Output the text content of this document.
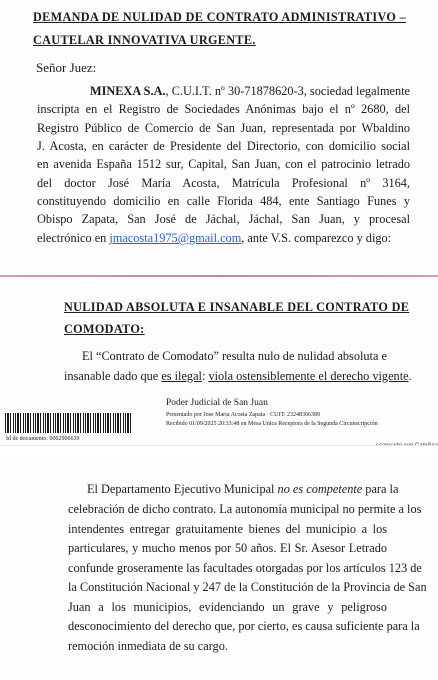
DEMANDA DE NULIDAD DE CONTRATO ADMINISTRATIVO –

CAUTELAR INNOVATIVA URGENTE.

Señor Juez:

MINEXA S.A., C.U.I.T. nº 30-71878620-3, sociedad legalmente

inscripta en el Registro de Sociedades Anónimas bajo el nº 2680, del

Registro Público de Comercio de San Juan, representada por Wbaldino

J. Acosta, en carácter de Presidente del Directorio, con domicilio social

en avenida España 1512 sur, Capital, San Juan, con el patrocinio letrado

del doctor José María Acosta, Matrícula Profesional nº 3164,

constituyendo domicilio en calle Florida 484, ente Santiago Funes y

Obispo Zapata, San José de Jáchal, Jáchal, San Juan, y procesal

electrónico en jmacosta1975@gmail.com, ante V.S. comparezco y digo:

NULIDAD ABSOLUTA E INSANABLE DEL CONTRATO DE

COMODATO:

El “Contrato de Comodato” resulta nulo de nulidad absoluta e

insanable dado que es ilegal: viola ostensiblemente el derecho vigente.

Id de documento: 0002906639

Poder Judicial de San Juan

Presentado por Jose Maria Acosta Zapata · CUIT: 23248366389

Recibido 01/09/2025 20:33:48 en Mesa Unica Receptora de la Segunda Circunscripción

El Departamento Ejecutivo Municipal no es competente para la

celebración de dicho contrato. La autonomía municipal no permite a los

intendentes entregar gratuitamente bienes del municipio a los

particulares, y mucho menos por 50 años. El Sr. Asesor Letrado

confunde groseramente las facultades otorgadas por los artículos 123 de

la Constitución Nacional y 247 de la Constitución de la Provincia de San

Juan a los municipios, evidenciando un grave y peligroso

desconocimiento del derecho que, por cierto, es causa suficiente para la

remoción inmediata de su cargo.
